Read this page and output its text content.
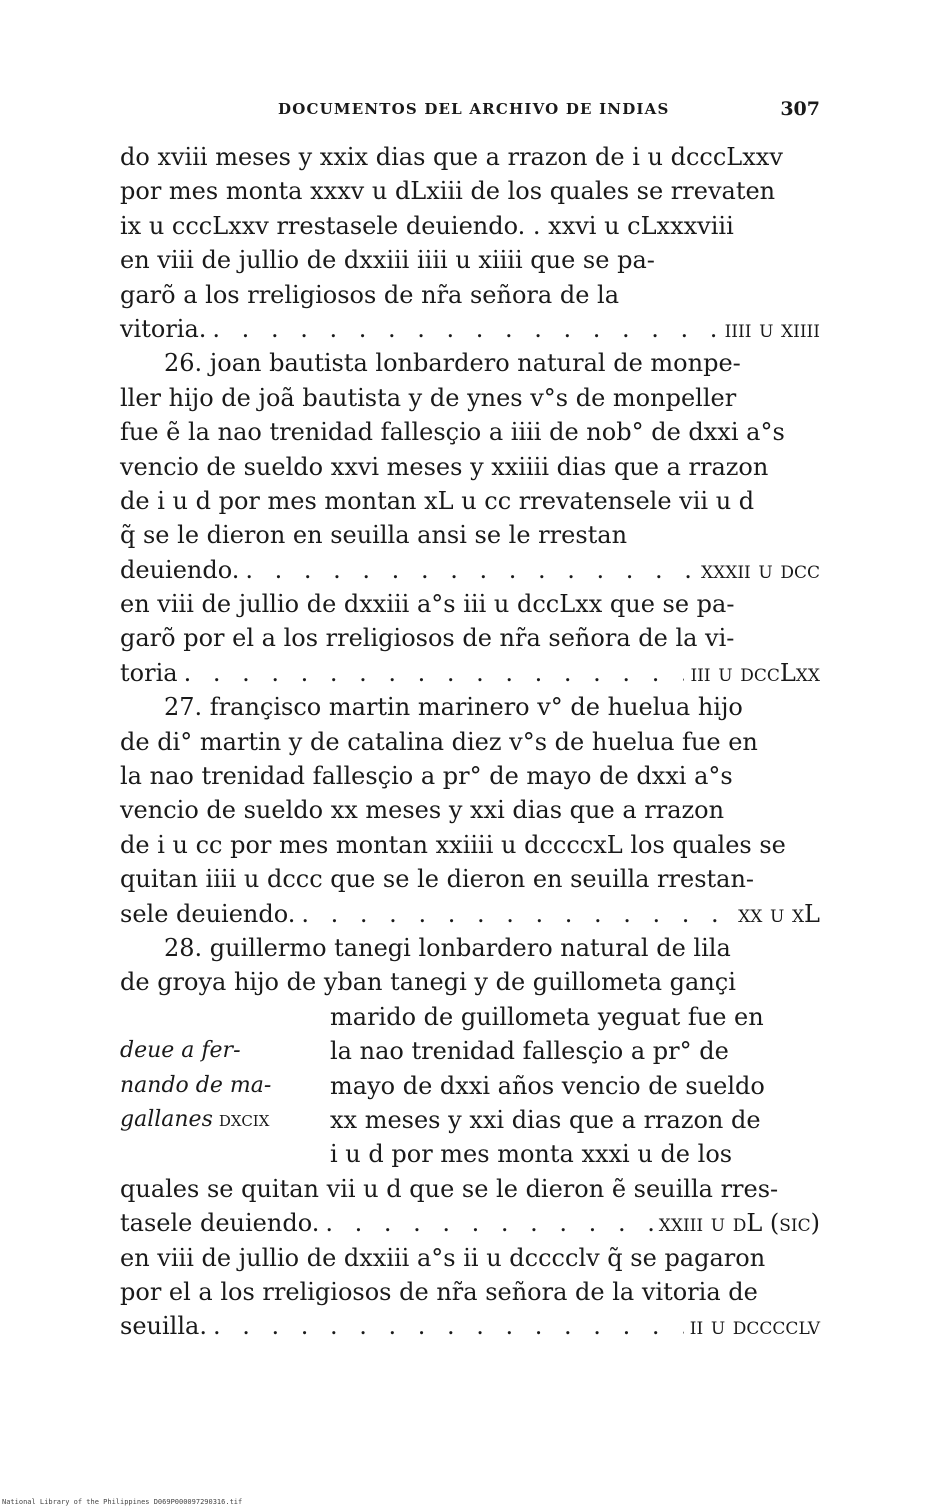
DOCUMENTOS DEL ARCHIVO DE INDIAS	307
do xviii meses y xxix dias que a rrazon de i u dcccLxxv
por mes monta xxxv u dLxiii de los quales se rrevaten
ix u cccLxxv rrestasele deuiendo. . xxvi u cLxxxviii
en viii de jullio de dxxiii iiii u xiiii que se pa-
garõ a los rreligiosos de nr̃a señora de la
vitoria. . . .	iiii u xiiii
26. joan bautista lonbardero natural de monpe-
ller hijo de joã bautista y de ynes v°s de monpeller
fue ẽ la nao trenidad fallesçio a iiii de nob° de dxxi a°s
vencio de sueldo xxvi meses y xxiiii dias que a rrazon
de i u d por mes montan xL u cc rrevatensele vii u d
q̃ se le dieron en seuilla ansi se le rrestan
deuiendo. . . .	xxxii u dcc
en viii de jullio de dxxiii a°s iii u dccLxx que se pa-
garõ por el a los rreligiosos de nr̃a señora de la vi-
toria . . .	iii u dccLxx
27. françisco martin marinero v° de huelua hijo
de di° martin y de catalina diez v°s de huelua fue en
la nao trenidad fallesçio a pr° de mayo de dxxi a°s
vencio de sueldo xx meses y xxi dias que a rrazon
de i u cc por mes montan xxiiii u dccccxL los quales se
quitan iiii u dccc que se le dieron en seuilla rrestan-
sele deuiendo. . . .	xx u xL
28. guillermo tanegi lonbardero natural de lila
de groya hijo de yban tanegi y de guillometa gançi
deue a fer-
nando de ma-
gallanes dxcix
marido de guillometa yeguat fue en
la nao trenidad fallesçio a pr° de
mayo de dxxi años vencio de sueldo
xx meses y xxi dias que a rrazon de
i u d por mes monta xxxi u de los
quales se quitan vii u d que se le dieron ẽ seuilla rres-
tasele deuiendo. . . .	xxiii u dL (sic)
en viii de jullio de dxxiii a°s ii u dcccclv q̃ se pagaron
por el a los rreligiosos de nr̃a señora de la vitoria de
seuilla. . . .	ii u dcccclv
National Library of the Philippines D069P000097290316.tif
